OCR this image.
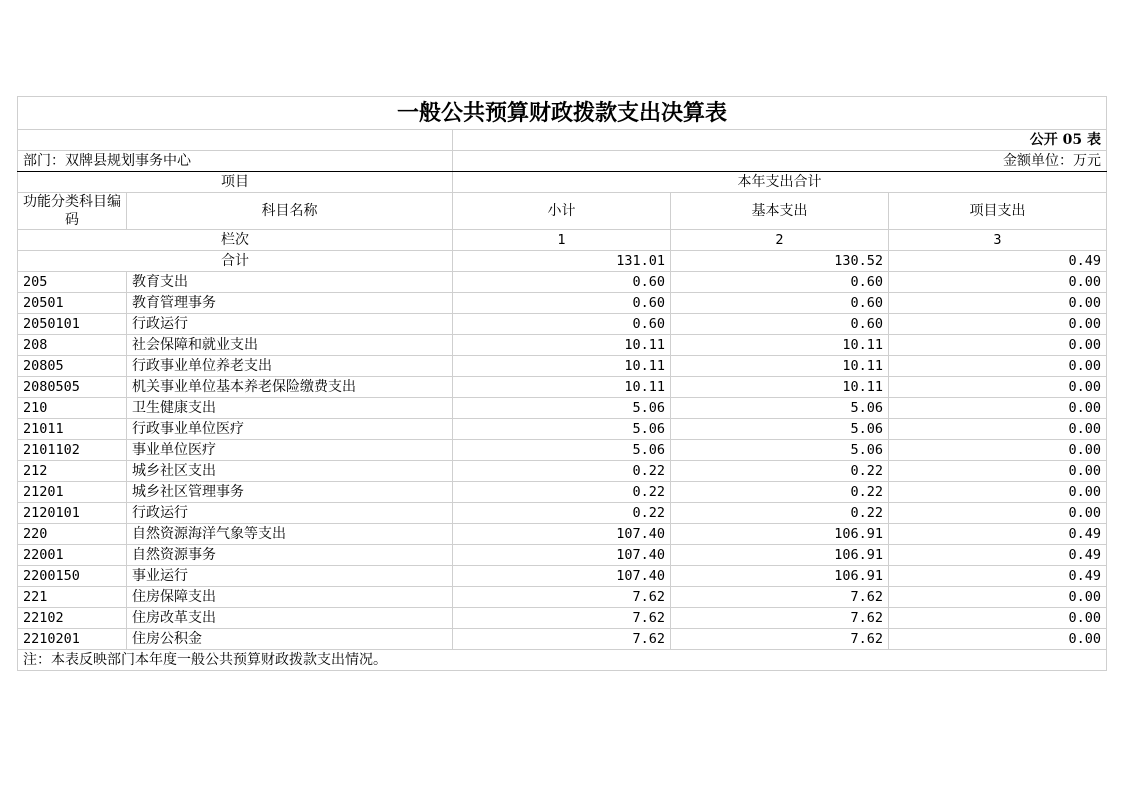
一般公共预算财政拨款支出决算表				
		公开 05 表		
部门：双牌县规划事务中心		金额单位：万元		
项目		本年支出合计		
功能分类科目编码	科目名称	小计	基本支出	项目支出
栏次		1	2	3
合计		131.01	130.52	0.49
205	教育支出	0.60	0.60	0.00
20501	教育管理事务	0.60	0.60	0.00
2050101	行政运行	0.60	0.60	0.00
208	社会保障和就业支出	10.11	10.11	0.00
20805	行政事业单位养老支出	10.11	10.11	0.00
2080505	机关事业单位基本养老保险缴费支出	10.11	10.11	0.00
210	卫生健康支出	5.06	5.06	0.00
21011	行政事业单位医疗	5.06	5.06	0.00
2101102	事业单位医疗	5.06	5.06	0.00
212	城乡社区支出	0.22	0.22	0.00
21201	城乡社区管理事务	0.22	0.22	0.00
2120101	行政运行	0.22	0.22	0.00
220	自然资源海洋气象等支出	107.40	106.91	0.49
22001	自然资源事务	107.40	106.91	0.49
2200150	事业运行	107.40	106.91	0.49
221	住房保障支出	7.62	7.62	0.00
22102	住房改革支出	7.62	7.62	0.00
2210201	住房公积金	7.62	7.62	0.00
注：本表反映部门本年度一般公共预算财政拨款支出情况。				
